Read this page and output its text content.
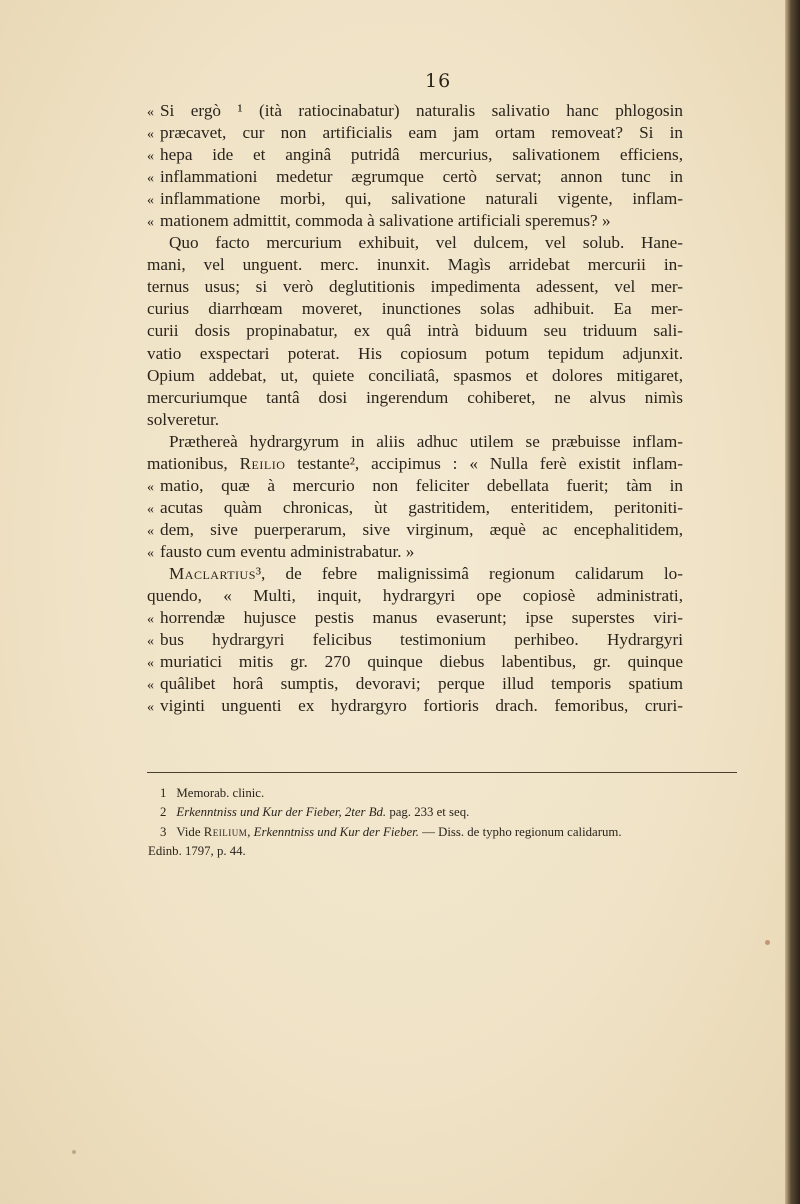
16
« Si ergò ¹ (ità ratiocinabatur) naturalis salivatio hanc phlogosin
« præcavet, cur non artificialis eam jam ortam removeat? Si in
« hepa ide et anginâ putridâ mercurius, salivationem efficiens,
« inflammationi medetur ægrumque certò servat; annon tunc in
« inflammatione morbi, qui, salivatione naturali vigente, inflam-
« mationem admittit, commoda à salivatione artificiali speremus? »
Quo facto mercurium exhibuit, vel dulcem, vel solub. Hane-
mani, vel unguent. merc. inunxit. Magìs arridebat mercurii in-
ternus usus; si verò deglutitionis impedimenta adessent, vel mer-
curius diarrhœam moveret, inunctiones solas adhibuit. Ea mer-
curii dosis propinabatur, ex quâ intrà biduum seu triduum sali-
vatio exspectari poterat. His copiosum potum tepidum adjunxit.
Opium addebat, ut, quiete conciliatâ, spasmos et dolores mitigaret,
mercuriumque tantâ dosi ingerendum cohiberet, ne alvus nimìs
solveretur.
Præthereà hydrargyrum in aliis adhuc utilem se præbuisse inflam-
mationibus, Reilio testante², accipimus : « Nulla ferè existit inflam-
« matio, quæ à mercurio non feliciter debellata fuerit; tàm in
« acutas quàm chronicas, ùt gastritidem, enteritidem, peritoniti-
« dem, sive puerperarum, sive virginum, æquè ac encephalitidem,
« fausto cum eventu administrabatur. »
Maclartius³, de febre malignissimâ regionum calidarum lo-
quendo, « Multi, inquit, hydrargyri ope copiosè administrati,
« horrendæ hujusce pestis manus evaserunt; ipse superstes viri-
« bus hydrargyri felicibus testimonium perhibeo. Hydrargyri
« muriatici mitis gr. 270 quinque diebus labentibus, gr. quinque
« quâlibet horâ sumptis, devoravi; perque illud temporis spatium
« viginti unguenti ex hydrargyro fortioris drach. femoribus, cruri-
1 Memorab. clinic.
2 Erkenntniss und Kur der Fieber, 2ter Bd. pag. 233 et seq.
3 Vide Reilium, Erkenntniss und Kur der Fieber. — Diss. de typho regionum calidarum.
Edinb. 1797, p. 44.
